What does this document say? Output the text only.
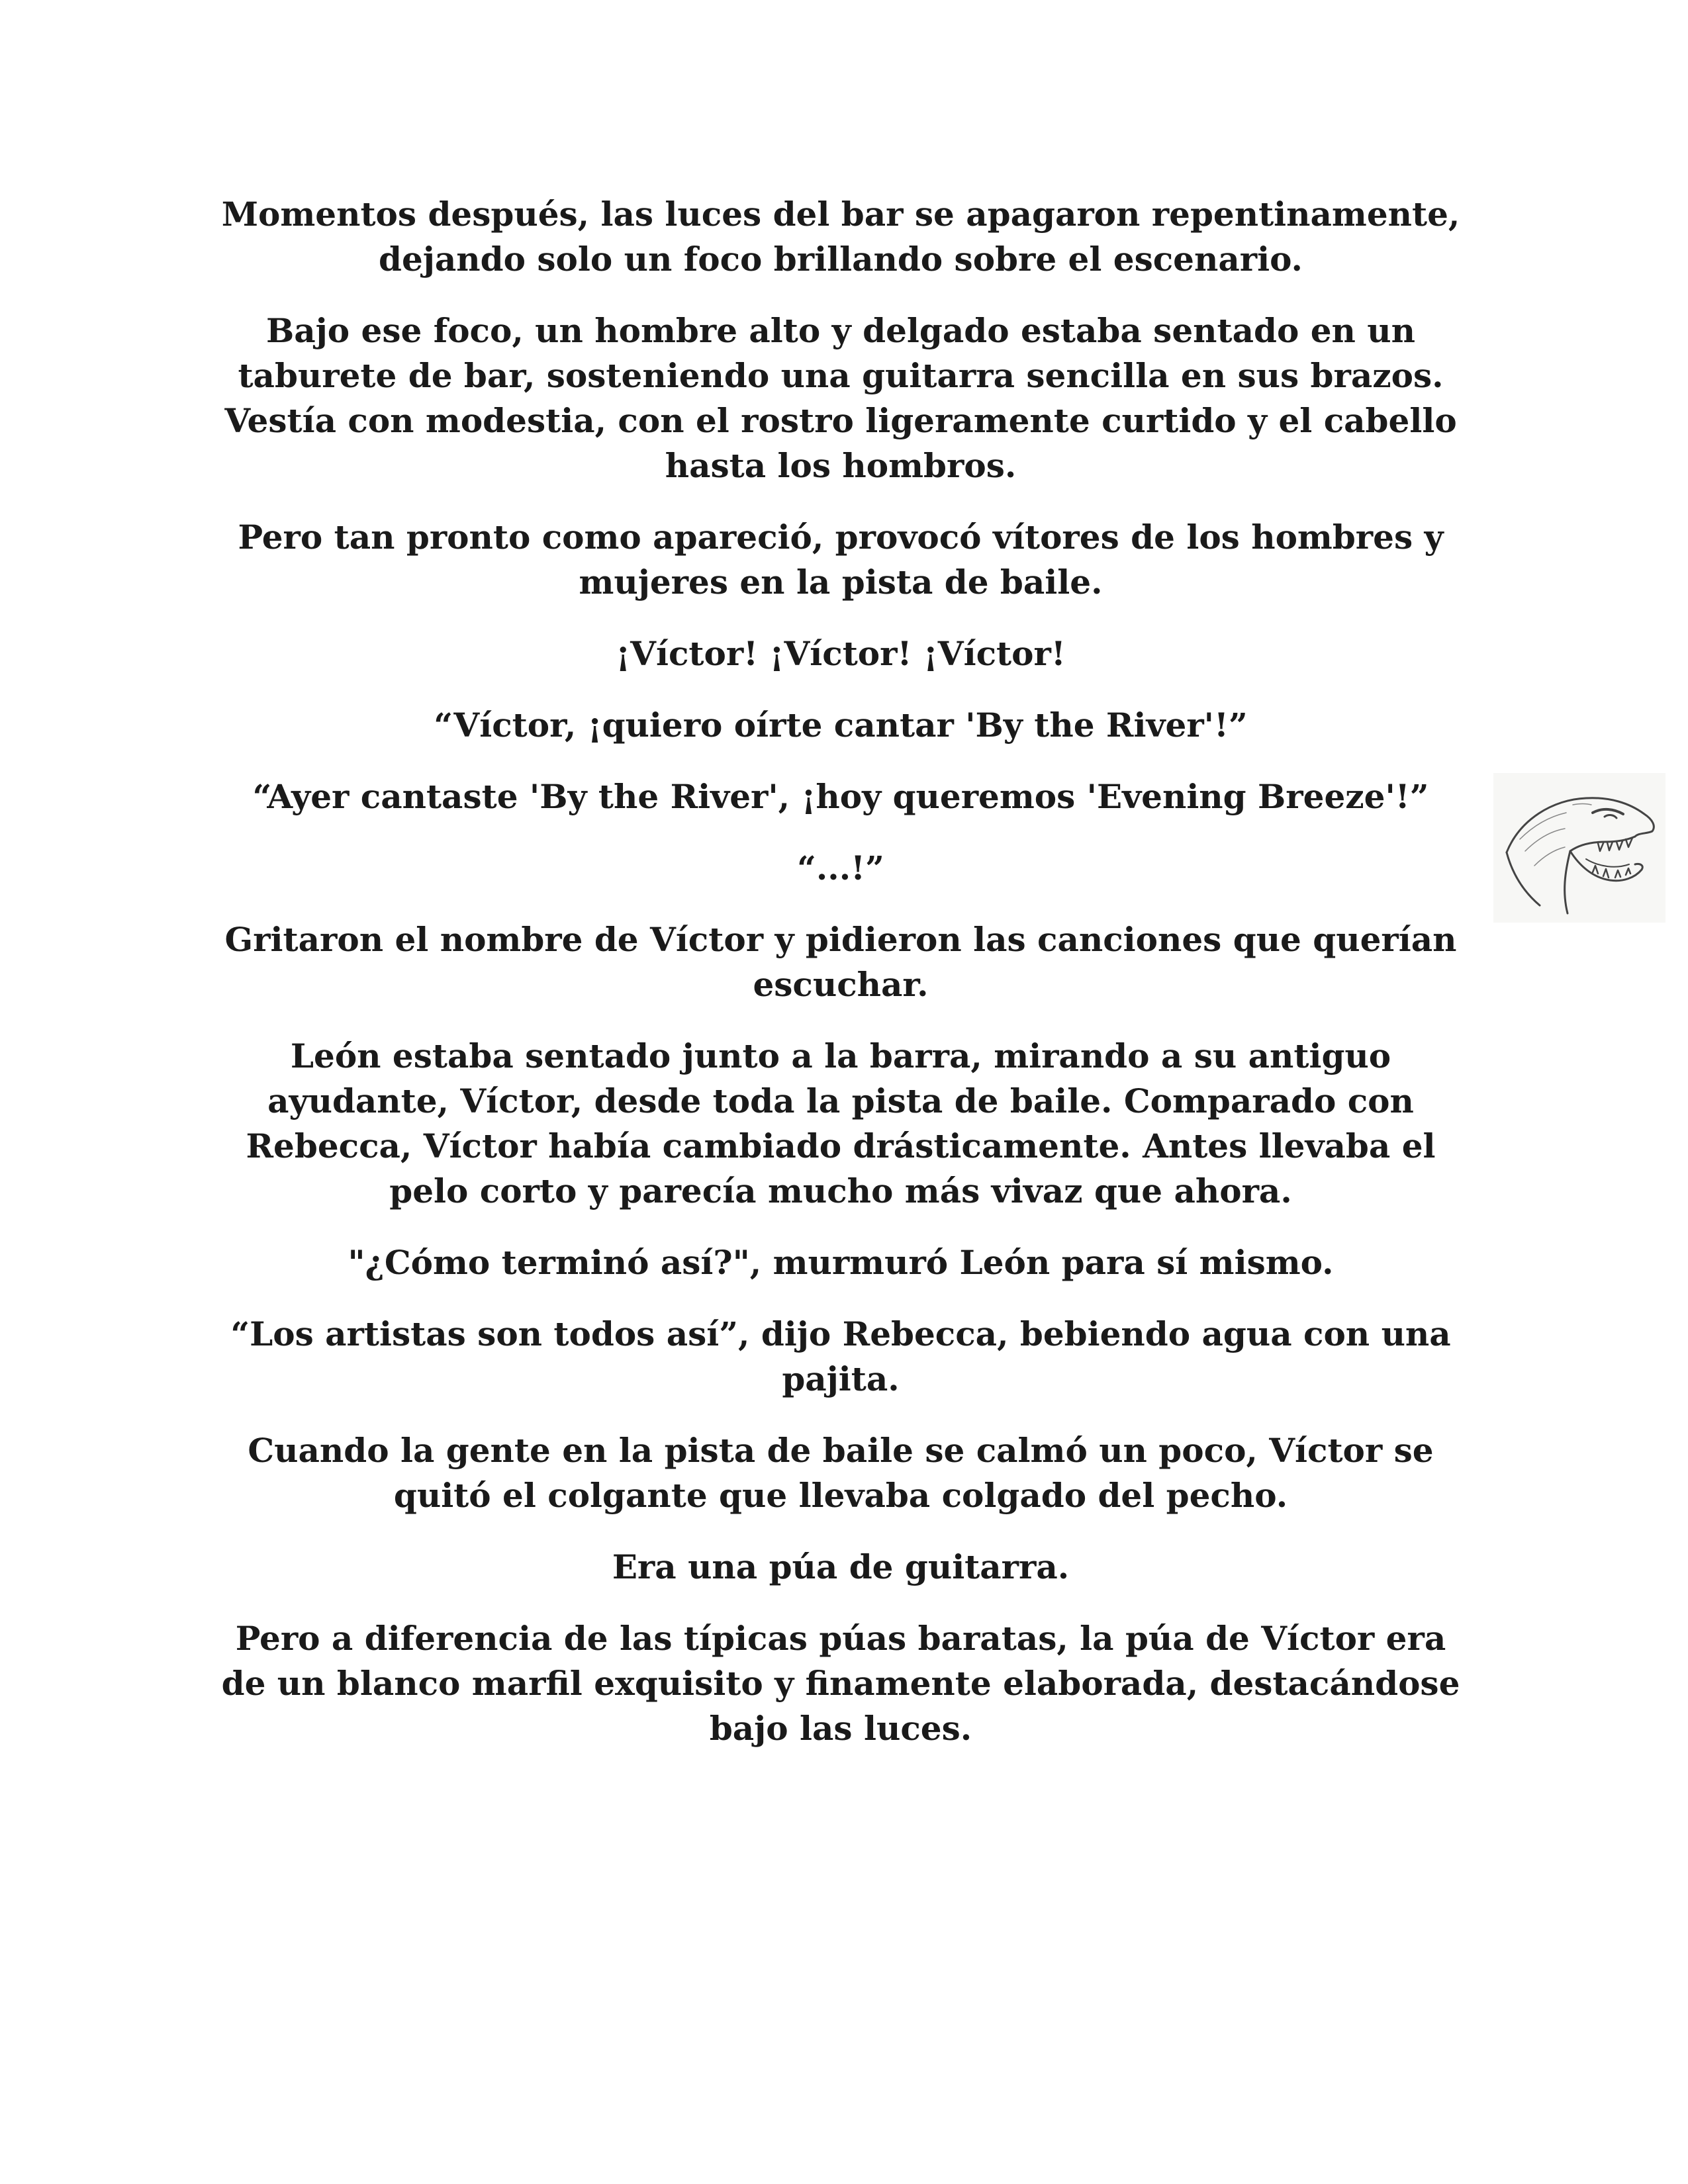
Momentos después, las luces del bar se apagaron repentinamente, dejando solo un foco brillando sobre el escenario.

Bajo ese foco, un hombre alto y delgado estaba sentado en un taburete de bar, sosteniendo una guitarra sencilla en sus brazos. Vestía con modestia, con el rostro ligeramente curtido y el cabello hasta los hombros.

Pero tan pronto como apareció, provocó vítores de los hombres y mujeres en la pista de baile.

¡Víctor! ¡Víctor! ¡Víctor!

“Víctor, ¡quiero oírte cantar 'By the River'!”

“Ayer cantaste 'By the River', ¡hoy queremos 'Evening Breeze'!”

“...!”

Gritaron el nombre de Víctor y pidieron las canciones que querían escuchar.

León estaba sentado junto a la barra, mirando a su antiguo ayudante, Víctor, desde toda la pista de baile. Comparado con Rebecca, Víctor había cambiado drásticamente. Antes llevaba el pelo corto y parecía mucho más vivaz que ahora.

"¿Cómo terminó así?", murmuró León para sí mismo.

“Los artistas son todos así”, dijo Rebecca, bebiendo agua con una pajita.

Cuando la gente en la pista de baile se calmó un poco, Víctor se quitó el colgante que llevaba colgado del pecho.

Era una púa de guitarra.

Pero a diferencia de las típicas púas baratas, la púa de Víctor era de un blanco marfil exquisito y finamente elaborada, destacándose bajo las luces.
